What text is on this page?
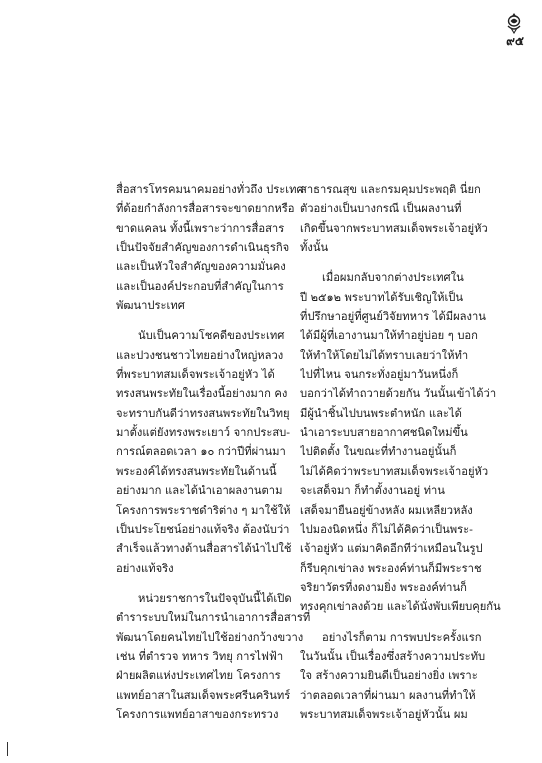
๙๕
สื่อสารโทรคมนาคมอย่างทั่วถึง ประเทศ
ที่ด้อยกำลังการสื่อสารจะขาดยากหรือ
ขาดแคลน ทั้งนี้เพราะว่าการสื่อสาร
เป็นปัจจัยสำคัญของการดำเนินธุรกิจ
และเป็นหัวใจสำคัญของความมั่นคง
และเป็นองค์ประกอบที่สำคัญในการ
พัฒนาประเทศ
นับเป็นความโชคดีของประเทศ
และปวงชนชาวไทยอย่างใหญ่หลวง
ที่พระบาทสมเด็จพระเจ้าอยู่หัว ได้
ทรงสนพระทัยในเรื่องนี้อย่างมาก คง
จะทราบกันดีว่าทรงสนพระทัยในวิทยุ
มาตั้งแต่ยังทรงพระเยาว์ จากประสบ-
การณ์ตลอดเวลา ๑๐ กว่าปีที่ผ่านมา
พระองค์ได้ทรงสนพระทัยในด้านนี้
อย่างมาก และได้นำเอาผลงานตาม
โครงการพระราชดำริต่าง ๆ มาใช้ให้
เป็นประโยชน์อย่างแท้จริง ต้องนับว่า
สำเร็จแล้วทางด้านสื่อสารได้นำไปใช้
อย่างแท้จริง
หน่วยราชการในปัจจุบันนี้ได้เปิด
ตำราระบบใหม่ในการนำเอาการสื่อสารที่
พัฒนาโดยคนไทยไปใช้อย่างกว้างขวาง
เช่น ที่ตำรวจ ทหาร วิทยุ การไฟฟ้า
ฝ่ายผลิตแห่งประเทศไทย โครงการ
แพทย์อาสาในสมเด็จพระศรีนครินทร์
โครงการแพทย์อาสาของกระทรวง
สาธารณสุข และกรมคุมประพฤติ นี่ยก
ตัวอย่างเป็นบางกรณี เป็นผลงานที่
เกิดขึ้นจากพระบาทสมเด็จพระเจ้าอยู่หัว
ทั้งนั้น
เมื่อผมกลับจากต่างประเทศใน
ปี ๒๕๑๒ พระบาทได้รับเชิญให้เป็น
ที่ปรึกษาอยู่ที่ศูนย์วิจัยทหาร ได้มีผลงาน
ได้มีผู้ที่เอางานมาให้ทำอยู่บ่อย ๆ บอก
ให้ทำให้โดยไม่ได้ทราบเลยว่าให้ทำ
ไปที่ไหน จนกระทั่งอยู่มาวันหนึ่งก็
บอกว่าได้ทำถวายด้วยกัน วันนั้นเข้าได้ว่า
มีผู้นำชิ้นไปบนพระตำหนัก และได้
นำเอาระบบสายอากาศชนิดใหม่ขึ้น
ไปติดตั้ง ในขณะที่ทำงานอยู่นั้นก็
ไม่ได้คิดว่าพระบาทสมเด็จพระเจ้าอยู่หัว
จะเสด็จมา ก็ทำตั้งงานอยู่ ท่าน
เสด็จมายืนอยู่ข้างหลัง ผมเหลียวหลัง
ไปมองนิดหนึ่ง ก็ไม่ได้คิดว่าเป็นพระ-
เจ้าอยู่หัว แต่มาคิดอีกทีว่าเหมือนในรูป
ก็รีบคุกเข่าลง พระองค์ท่านก็มีพระราช
จริยาวัตรที่งดงามยิ่ง พระองค์ท่านก็
ทรงคุกเข่าลงด้วย และได้นั่งพับเพียบคุยกัน
อย่างไรก็ตาม การพบประครั้งแรก
ในวันนั้น เป็นเรื่องซึ่งสร้างความประทับ
ใจ สร้างความยินดีเป็นอย่างยิ่ง เพราะ
ว่าตลอดเวลาที่ผ่านมา ผลงานที่ทำให้
พระบาทสมเด็จพระเจ้าอยู่หัวนั้น ผม
